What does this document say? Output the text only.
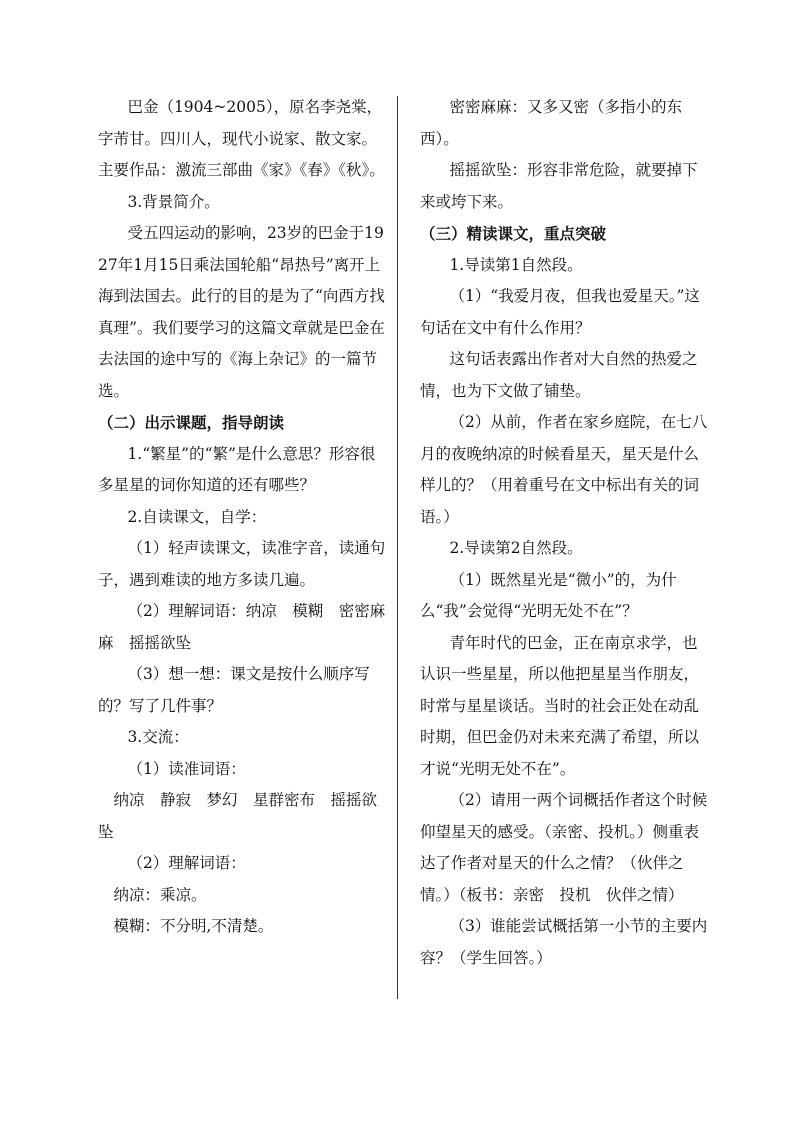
巴金（1904~2005），原名李尧棠，字芾甘。四川人，现代小说家、散文家。主要作品：激流三部曲《家》《春》《秋》。

3.背景简介。

受五四运动的影响，23岁的巴金于1927年1月15日乘法国轮船“昂热号”离开上海到法国去。此行的目的是为了“向西方找真理”。我们要学习的这篇文章就是巴金在去法国的途中写的《海上杂记》的一篇节选。

（二）出示课题，指导朗读

1.“繁星”的“繁”是什么意思？形容很多星星的词你知道的还有哪些？

2.自读课文，自学：

（1）轻声读课文，读准字音，读通句子，遇到难读的地方多读几遍。

（2）理解词语：纳凉　模糊　密密麻麻　摇摇欲坠

（3）想一想：课文是按什么顺序写的？写了几件事？

3.交流：

（1）读准词语：

纳凉　静寂　梦幻　星群密布　摇摇欲坠

（2）理解词语：

纳凉：乘凉。

模糊：不分明,不清楚。

密密麻麻：又多又密（多指小的东西）。

摇摇欲坠：形容非常危险，就要掉下来或垮下来。

（三）精读课文，重点突破

1.导读第1自然段。

（1）“我爱月夜，但我也爱星天。”这句话在文中有什么作用？

这句话表露出作者对大自然的热爱之情，也为下文做了铺垫。

（2）从前，作者在家乡庭院，在七八月的夜晚纳凉的时候看星天，星天是什么样儿的？（用着重号在文中标出有关的词语。）

2.导读第2自然段。

（1）既然星光是“微小”的，为什么“我”会觉得“光明无处不在”？

青年时代的巴金，正在南京求学，也认识一些星星，所以他把星星当作朋友，时常与星星谈话。当时的社会正处在动乱时期，但巴金仍对未来充满了希望，所以才说“光明无处不在”。

（2）请用一两个词概括作者这个时候仰望星天的感受。（亲密、投机。）侧重表达了作者对星天的什么之情？（伙伴之情。）（板书：亲密　投机　伙伴之情）

（3）谁能尝试概括第一小节的主要内容？（学生回答。）
